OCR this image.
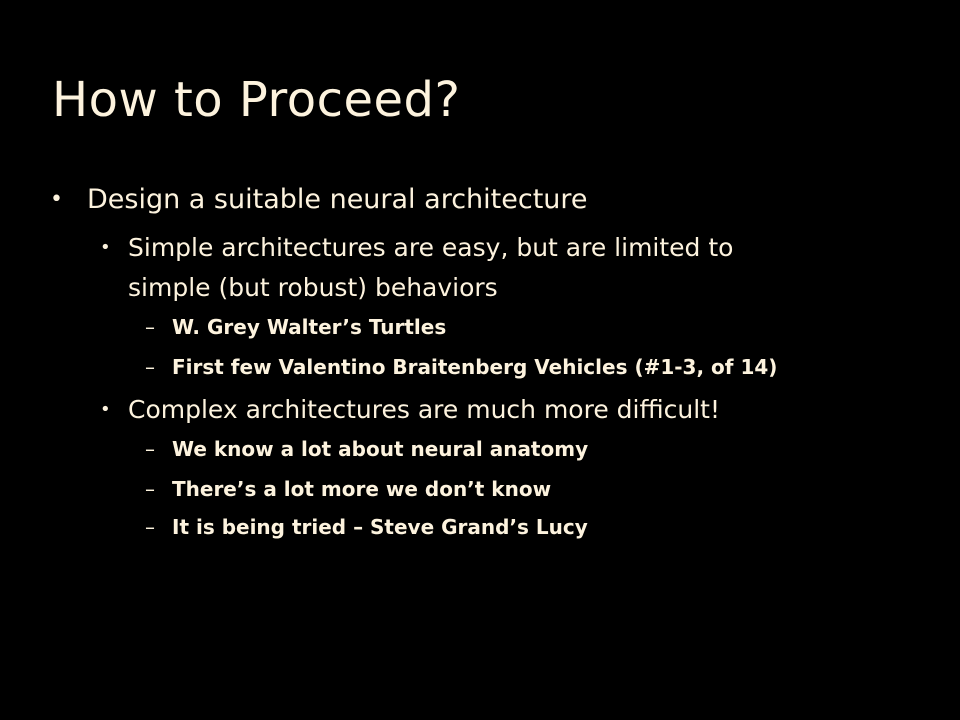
How to Proceed?
• Design a suitable neural architecture
• Simple architectures are easy, but are limited to
simple (but robust) behaviors
– W. Grey Walter’s Turtles
– First few Valentino Braitenberg Vehicles (#1-3, of 14)
• Complex architectures are much more difficult!
– We know a lot about neural anatomy
– There’s a lot more we don’t know
– It is being tried – Steve Grand’s Lucy
